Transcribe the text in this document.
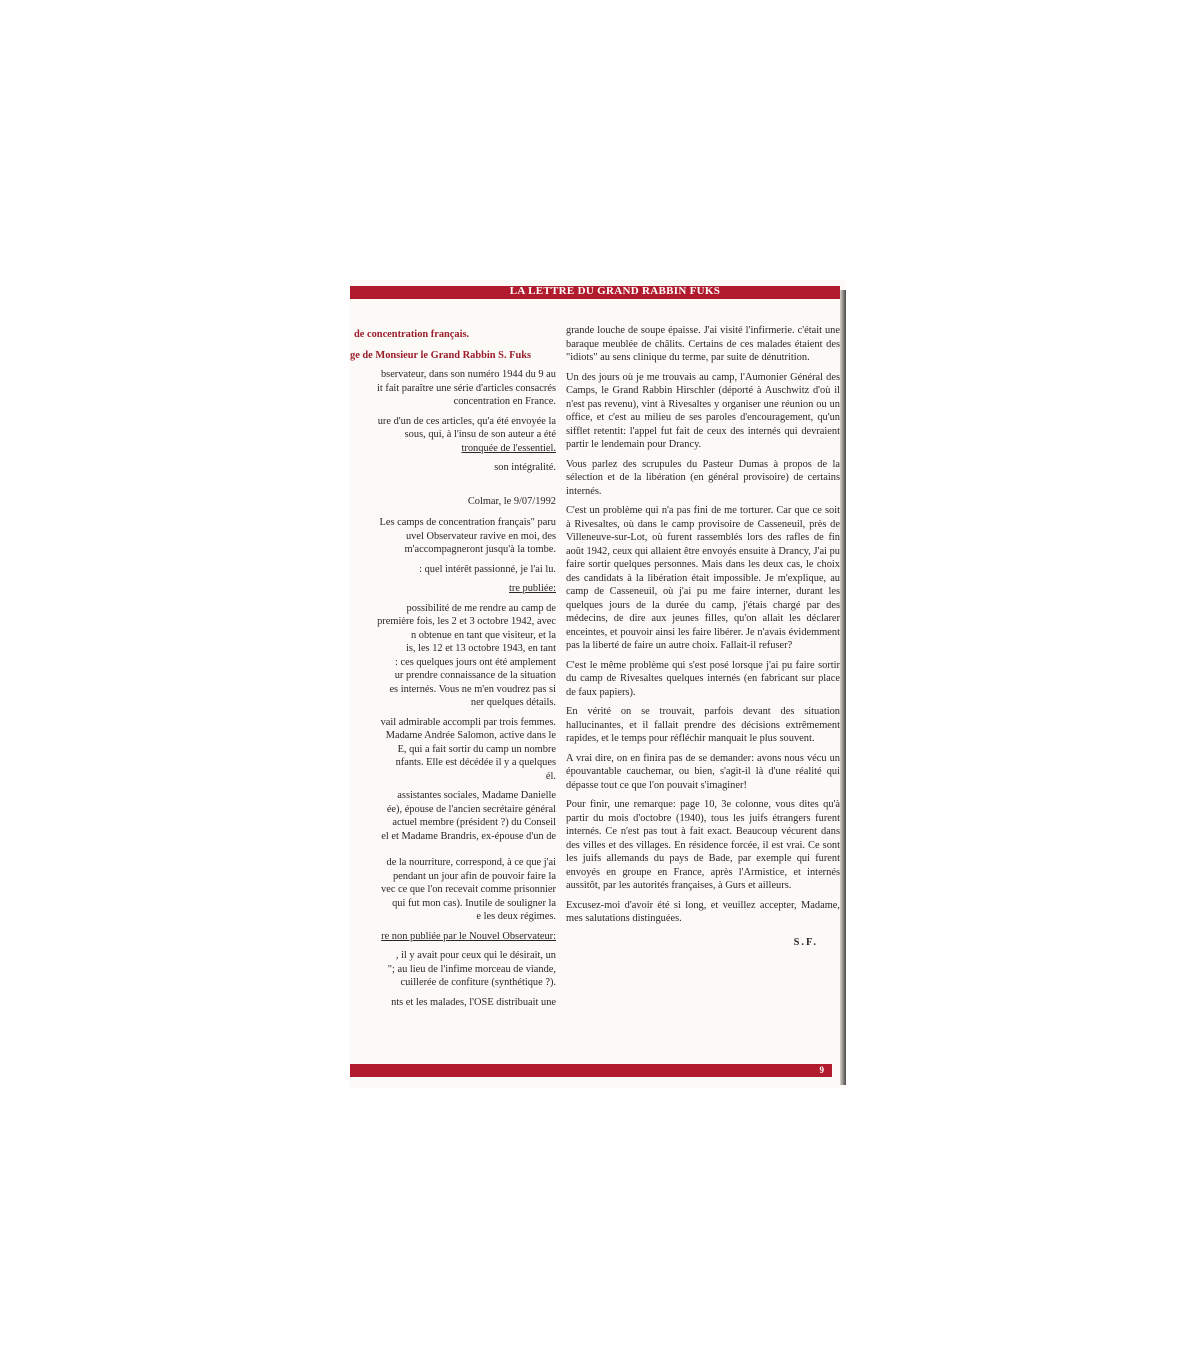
LA LETTRE DU GRAND RABBIN FUKS
de concentration français.
ge de Monsieur le Grand Rabbin S. Fuks

bservateur, dans son numéro 1944 du 9 au
it fait paraître une série d'articles consacrés
concentration en France.

ure d'un de ces articles, qu'a été envoyée la
sous, qui, à l'insu de son auteur a été
tronquée de l'essentiel.

son intégralité.

Colmar, le 9/07/1992

Les camps de concentration français" paru
uvel Observateur ravive en moi, des
m'accompagneront jusqu'à la tombe.

: quel intérêt passionné, je l'ai lu.

tre publiée:

possibilité de me rendre au camp de
première fois, les 2 et 3 octobre 1942, avec
n obtenue en tant que visiteur, et la
is, les 12 et 13 octobre 1943, en tant
: ces quelques jours ont été amplement
ur prendre connaissance de la situation
es internés. Vous ne m'en voudrez pas si
ner quelques détails.

vail admirable accompli par trois femmes.
Madame Andrée Salomon, active dans le
E, qui a fait sortir du camp un nombre
nfants. Elle est décédée il y a quelques
él.

assistantes sociales, Madame Danielle
ée), épouse de l'ancien secrétaire général
actuel membre (président ?) du Conseil
el et Madame Brandris, ex-épouse d'un de

de la nourriture, correspond, à ce que j'ai
pendant un jour afin de pouvoir faire la
vec ce que l'on recevait comme prisonnier
qui fut mon cas). Inutile de souligner la
e les deux régimes.

re non publiée par le Nouvel Observateur:

, il y avait pour ceux qui le désirait, un
"; au lieu de l'infime morceau de viande,
cuillerée de confiture (synthétique ?).

nts et les malades, l'OSE distribuait une

grande louche de soupe épaisse. J'ai visité l'infirmerie. c'était une baraque meublée de châlits. Certains de ces malades étaient des "idiots" au sens clinique du terme, par suite de dénutrition.

Un des jours où je me trouvais au camp, l'Aumonier Général des Camps, le Grand Rabbin Hirschler (déporté à Auschwitz d'où il n'est pas revenu), vint à Rivesaltes y organiser une réunion ou un office, et c'est au milieu de ses paroles d'encouragement, qu'un sifflet retentit: l'appel fut fait de ceux des internés qui devraient partir le lendemain pour Drancy.

Vous parlez des scrupules du Pasteur Dumas à propos de la sélection et de la libération (en général provisoire) de certains internés.

C'est un problème qui n'a pas fini de me torturer. Car que ce soit à Rivesaltes, où dans le camp provisoire de Casseneuil, près de Villeneuve-sur-Lot, où furent rassemblés lors des rafles de fin août 1942, ceux qui allaient être envoyés ensuite à Drancy, J'ai pu faire sortir quelques personnes. Mais dans les deux cas, le choix des candidats à la libération était impossible. Je m'explique, au camp de Casseneuil, où j'ai pu me faire interner, durant les quelques jours de la durée du camp, j'étais chargé par des médecins, de dire aux jeunes filles, qu'on allait les déclarer enceintes, et pouvoir ainsi les faire libérer. Je n'avais évidemment pas la liberté de faire un autre choix. Fallait-il refuser?

C'est le même problème qui s'est posé lorsque j'ai pu faire sortir du camp de Rivesaltes quelques internés (en fabricant sur place de faux papiers).

En vérité on se trouvait, parfois devant des situation hallucinantes, et il fallait prendre des décisions extrêmement rapides, et le temps pour réfléchir manquait le plus souvent.

A vrai dire, on en finira pas de se demander: avons nous vécu un épouvantable cauchemar, ou bien, s'agit-il là d'une réalité qui dépasse tout ce que l'on pouvait s'imaginer!

Pour finir, une remarque: page 10, 3e colonne, vous dites qu'à partir du mois d'octobre (1940), tous les juifs étrangers furent internés. Ce n'est pas tout à fait exact. Beaucoup vécurent dans des villes et des villages. En résidence forcée, il est vrai. Ce sont les juifs allemands du pays de Bade, par exemple qui furent envoyés en groupe en France, après l'Armistice, et internés aussitôt, par les autorités françaises, à Gurs et ailleurs.

Excusez-moi d'avoir été si long, et veuillez accepter, Madame, mes salutations distinguées.

S.F.

9
